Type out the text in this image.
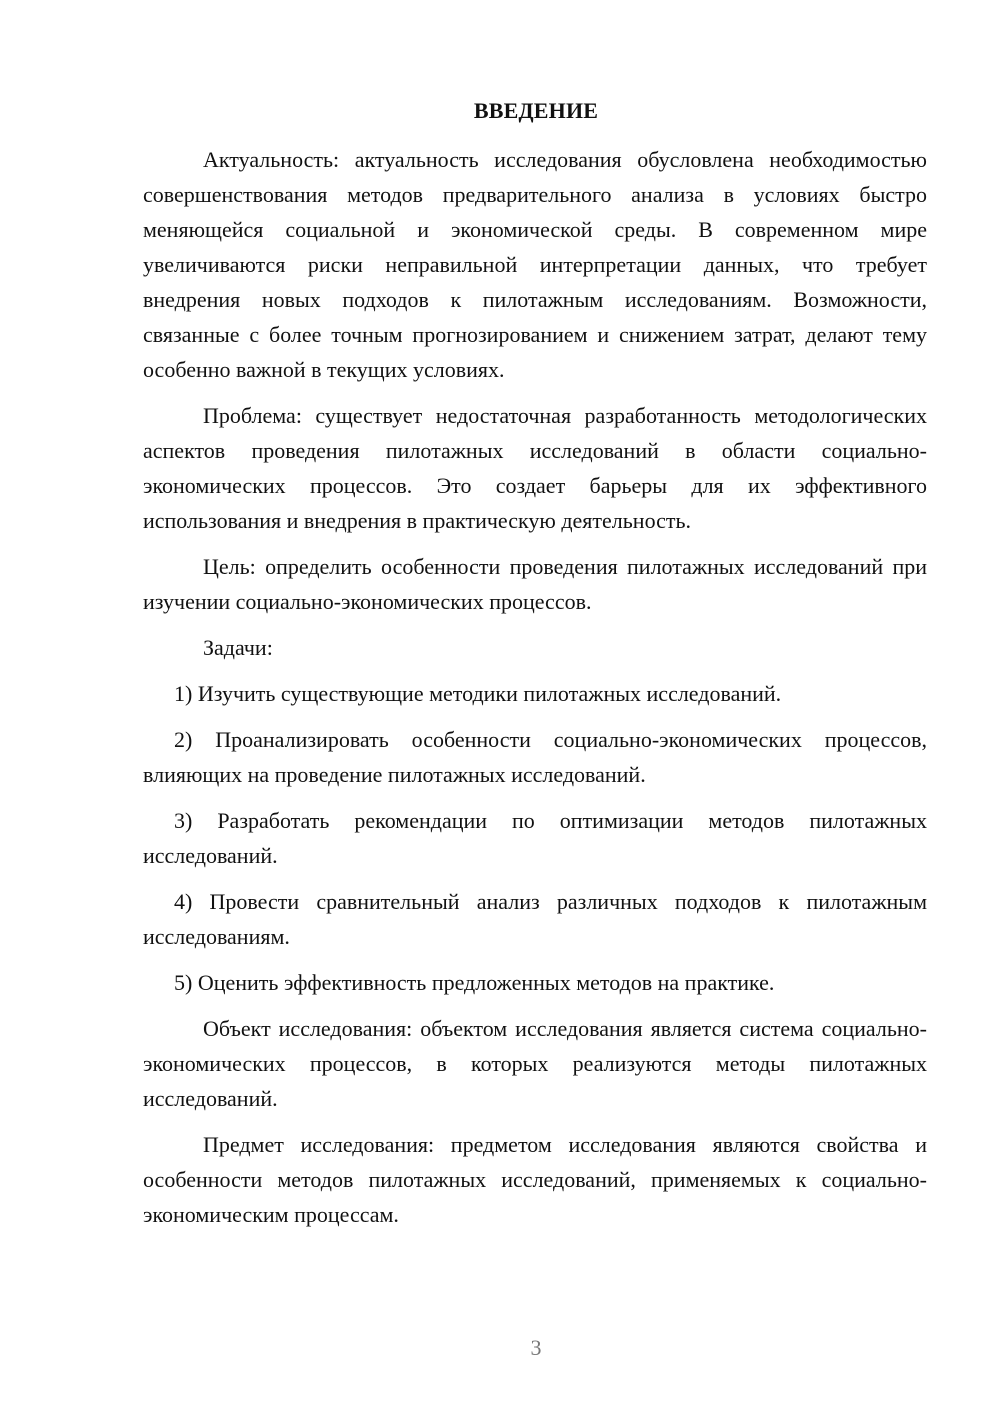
ВВЕДЕНИЕ

Актуальность: актуальность исследования обусловлена необходимостью совершенствования методов предварительного анализа в условиях быстро меняющейся социальной и экономической среды. В современном мире увеличиваются риски неправильной интерпретации данных, что требует внедрения новых подходов к пилотажным исследованиям. Возможности, связанные с более точным прогнозированием и снижением затрат, делают тему особенно важной в текущих условиях.

Проблема: существует недостаточная разработанность методологических аспектов проведения пилотажных исследований в области социально-экономических процессов. Это создает барьеры для их эффективного использования и внедрения в практическую деятельность.

Цель: определить особенности проведения пилотажных исследований при изучении социально-экономических процессов.

Задачи:

1) Изучить существующие методики пилотажных исследований.

2) Проанализировать особенности социально-экономических процессов, влияющих на проведение пилотажных исследований.

3) Разработать рекомендации по оптимизации методов пилотажных исследований.

4) Провести сравнительный анализ различных подходов к пилотажным исследованиям.

5) Оценить эффективность предложенных методов на практике.

Объект исследования: объектом исследования является система социально-экономических процессов, в которых реализуются методы пилотажных исследований.

Предмет исследования: предметом исследования являются свойства и особенности методов пилотажных исследований, применяемых к социально-экономическим процессам.

3
